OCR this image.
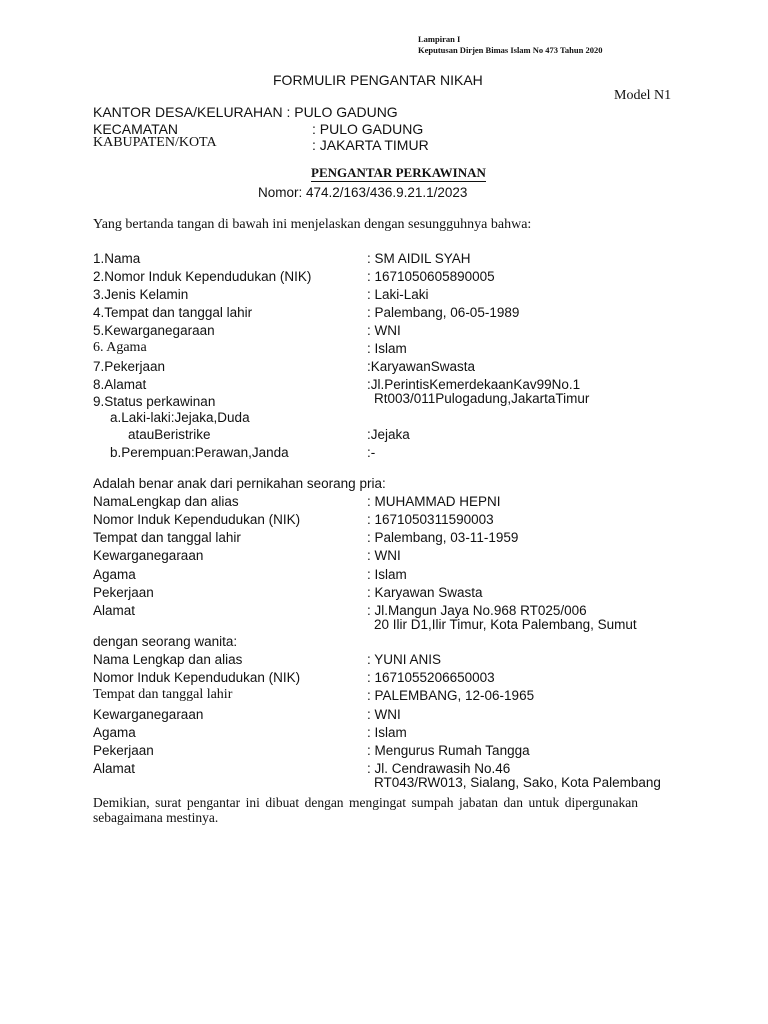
Lampiran I
Keputusan Dirjen Bimas Islam No 473 Tahun 2020
FORMULIR PENGANTAR NIKAH
Model N1
KANTOR DESA/KELURAHAN : PULO GADUNG
KECAMATAN	: PULO GADUNG
KABUPATEN/KOTA	: JAKARTA TIMUR
PENGANTAR PERKAWINAN
Nomor: 474.2/163/436.9.21.1/2023
Yang bertanda tangan di bawah ini menjelaskan dengan sesungguhnya bahwa:
1.Nama	: SM AIDIL SYAH
2.Nomor Induk Kependudukan (NIK)	: 1671050605890005
3.Jenis Kelamin	: Laki-Laki
4.Tempat dan tanggal lahir	: Palembang, 06-05-1989
5.Kewarganegaraan	: WNI
6. Agama	: Islam
7.Pekerjaan	:KaryawanSwasta
8.Alamat	:Jl.PerintisKemerdekaanKav99No.1
Rt003/011Pulogadung,JakartaTimur
9.Status perkawinan
a.Laki-laki:Jejaka,Duda
atauBeristrike	:Jejaka
b.Perempuan:Perawan,Janda	:-
Adalah benar anak dari pernikahan seorang pria:
NamaLengkap dan alias	: MUHAMMAD HEPNI
Nomor Induk Kependudukan (NIK)	: 1671050311590003
Tempat dan tanggal lahir	: Palembang, 03-11-1959
Kewarganegaraan	: WNI
Agama	: Islam
Pekerjaan	: Karyawan Swasta
Alamat	: Jl.Mangun Jaya No.968 RT025/006
20 Ilir D1,Ilir Timur, Kota Palembang, Sumut
dengan seorang wanita:
Nama Lengkap dan alias	: YUNI ANIS
Nomor Induk Kependudukan (NIK)	: 1671055206650003
Tempat dan tanggal lahir	: PALEMBANG, 12-06-1965
Kewarganegaraan	: WNI
Agama	: Islam
Pekerjaan	: Mengurus Rumah Tangga
Alamat	: Jl. Cendrawasih No.46
RT043/RW013, Sialang, Sako, Kota Palembang
Demikian, surat pengantar ini dibuat dengan mengingat sumpah jabatan dan untuk dipergunakan sebagaimana mestinya.
